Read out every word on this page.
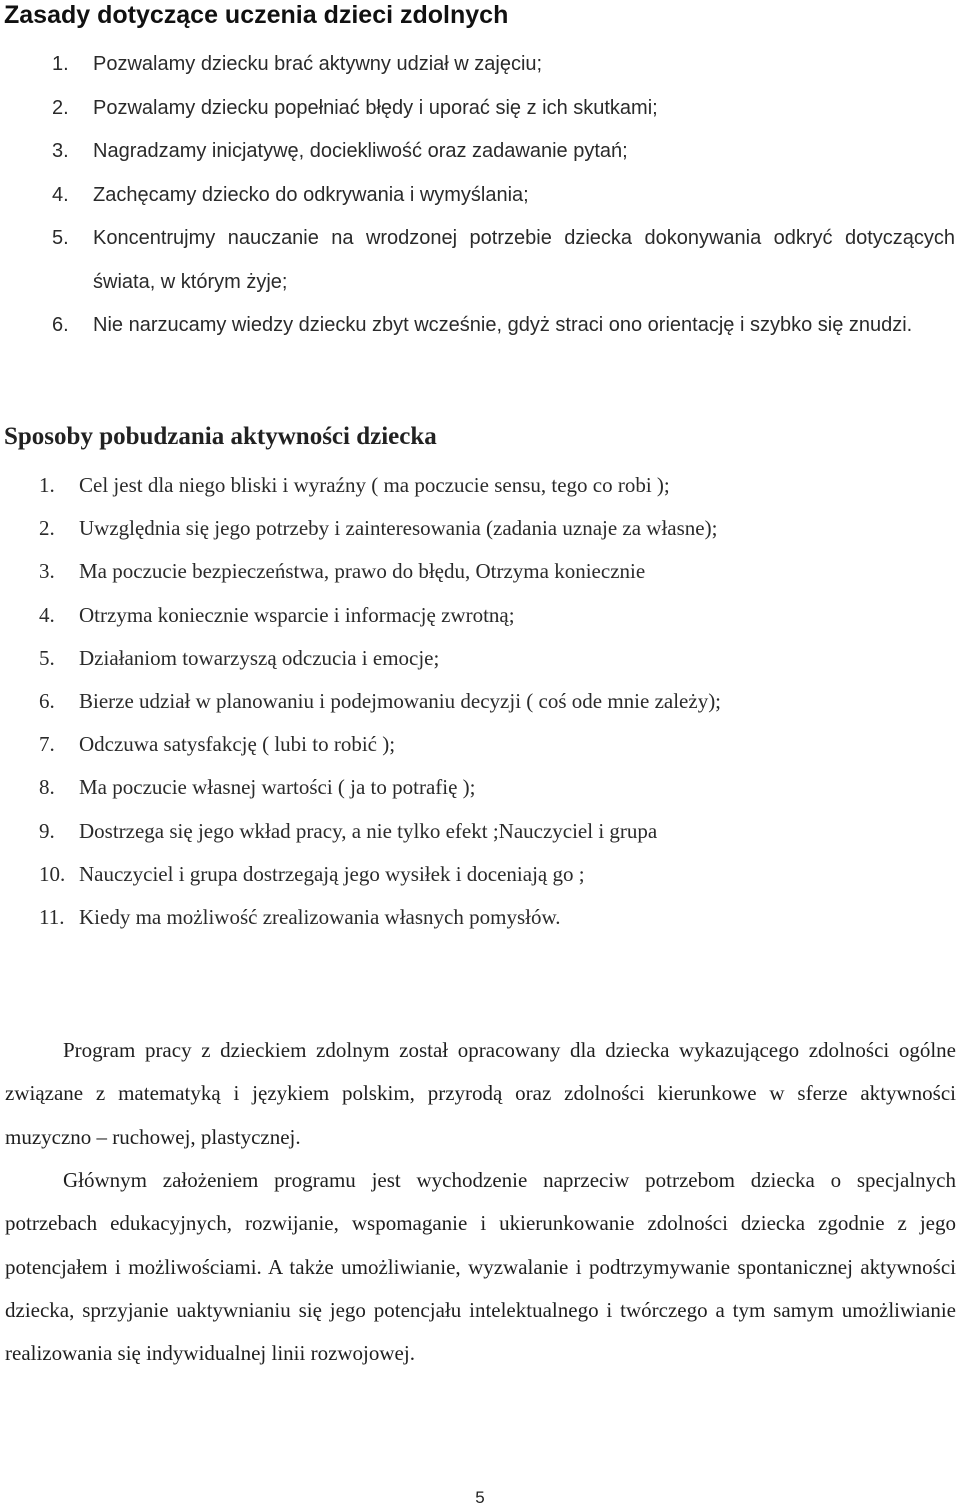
Zasady dotyczące uczenia dzieci zdolnych
1. Pozwalamy dziecku brać aktywny udział w zajęciu;
2. Pozwalamy dziecku popełniać błędy i uporać się z ich skutkami;
3. Nagradzamy inicjatywę, dociekliwość oraz zadawanie pytań;
4. Zachęcamy dziecko do odkrywania i wymyślania;
5. Koncentrujmy nauczanie na wrodzonej potrzebie dziecka dokonywania odkryć dotyczących świata, w którym żyje;
6. Nie narzucamy wiedzy dziecku zbyt wcześnie, gdyż straci ono orientację i szybko się znudzi.
Sposoby pobudzania aktywności dziecka
1. Cel jest dla niego bliski i wyraźny ( ma poczucie sensu, tego co robi );
2. Uwzględnia się jego potrzeby i zainteresowania (zadania uznaje za własne);
3. Ma poczucie bezpieczeństwa, prawo do błędu, Otrzyma koniecznie
4. Otrzyma koniecznie wsparcie i informację zwrotną;
5. Działaniom towarzyszą odczucia i emocje;
6. Bierze udział w planowaniu i podejmowaniu decyzji ( coś ode mnie zależy);
7. Odczuwa satysfakcję ( lubi to robić );
8. Ma poczucie własnej wartości ( ja to potrafię );
9. Dostrzega się jego wkład pracy, a nie tylko efekt ;Nauczyciel i grupa
10. Nauczyciel i grupa dostrzegają jego wysiłek i doceniają go ;
11. Kiedy ma możliwość zrealizowania własnych pomysłów.

Program pracy z dzieckiem zdolnym został opracowany dla dziecka wykazującego zdolności ogólne związane z matematyką i językiem polskim, przyrodą oraz zdolności kierunkowe w sferze aktywności muzyczno – ruchowej, plastycznej.

Głównym założeniem programu jest wychodzenie naprzeciw potrzebom dziecka o specjalnych potrzebach edukacyjnych, rozwijanie, wspomaganie i ukierunkowanie zdolności dziecka zgodnie z jego potencjałem i możliwościami. A także umożliwianie, wyzwalanie i podtrzymywanie spontanicznej aktywności dziecka, sprzyjanie uaktywnianiu się jego potencjału intelektualnego i twórczego a tym samym umożliwianie realizowania się indywidualnej linii rozwojowej.

5
